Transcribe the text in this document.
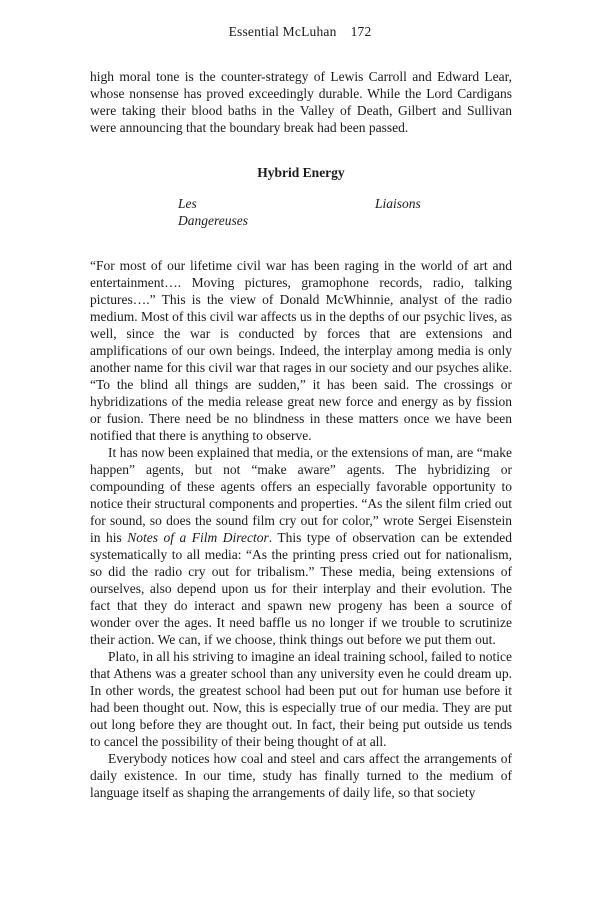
Essential McLuhan 172

high moral tone is the counter-strategy of Lewis Carroll and Edward Lear, whose nonsense has proved exceedingly durable. While the Lord Cardigans were taking their blood baths in the Valley of Death, Gilbert and Sullivan were announcing that the boundary break had been passed.

Hybrid Energy
Les	Liaisons
Dangereuses

“For most of our lifetime civil war has been raging in the world of art and entertainment…. Moving pictures, gramophone records, radio, talking pictures….” This is the view of Donald McWhinnie, analyst of the radio medium. Most of this civil war affects us in the depths of our psychic lives, as well, since the war is conducted by forces that are extensions and amplifications of our own beings. Indeed, the interplay among media is only another name for this civil war that rages in our society and our psyches alike. “To the blind all things are sudden,” it has been said. The crossings or hybridizations of the media release great new force and energy as by fission or fusion. There need be no blindness in these matters once we have been notified that there is anything to observe.

It has now been explained that media, or the extensions of man, are “make happen” agents, but not “make aware” agents. The hybridizing or compounding of these agents offers an especially favorable opportunity to notice their structural components and properties. “As the silent film cried out for sound, so does the sound film cry out for color,” wrote Sergei Eisenstein in his Notes of a Film Director. This type of observation can be extended systematically to all media: “As the printing press cried out for nationalism, so did the radio cry out for tribalism.” These media, being extensions of ourselves, also depend upon us for their interplay and their evolution. The fact that they do interact and spawn new progeny has been a source of wonder over the ages. It need baffle us no longer if we trouble to scrutinize their action. We can, if we choose, think things out before we put them out.

Plato, in all his striving to imagine an ideal training school, failed to notice that Athens was a greater school than any university even he could dream up. In other words, the greatest school had been put out for human use before it had been thought out. Now, this is especially true of our media. They are put out long before they are thought out. In fact, their being put outside us tends to cancel the possibility of their being thought of at all.

Everybody notices how coal and steel and cars affect the arrangements of daily existence. In our time, study has finally turned to the medium of language itself as shaping the arrangements of daily life, so that society
